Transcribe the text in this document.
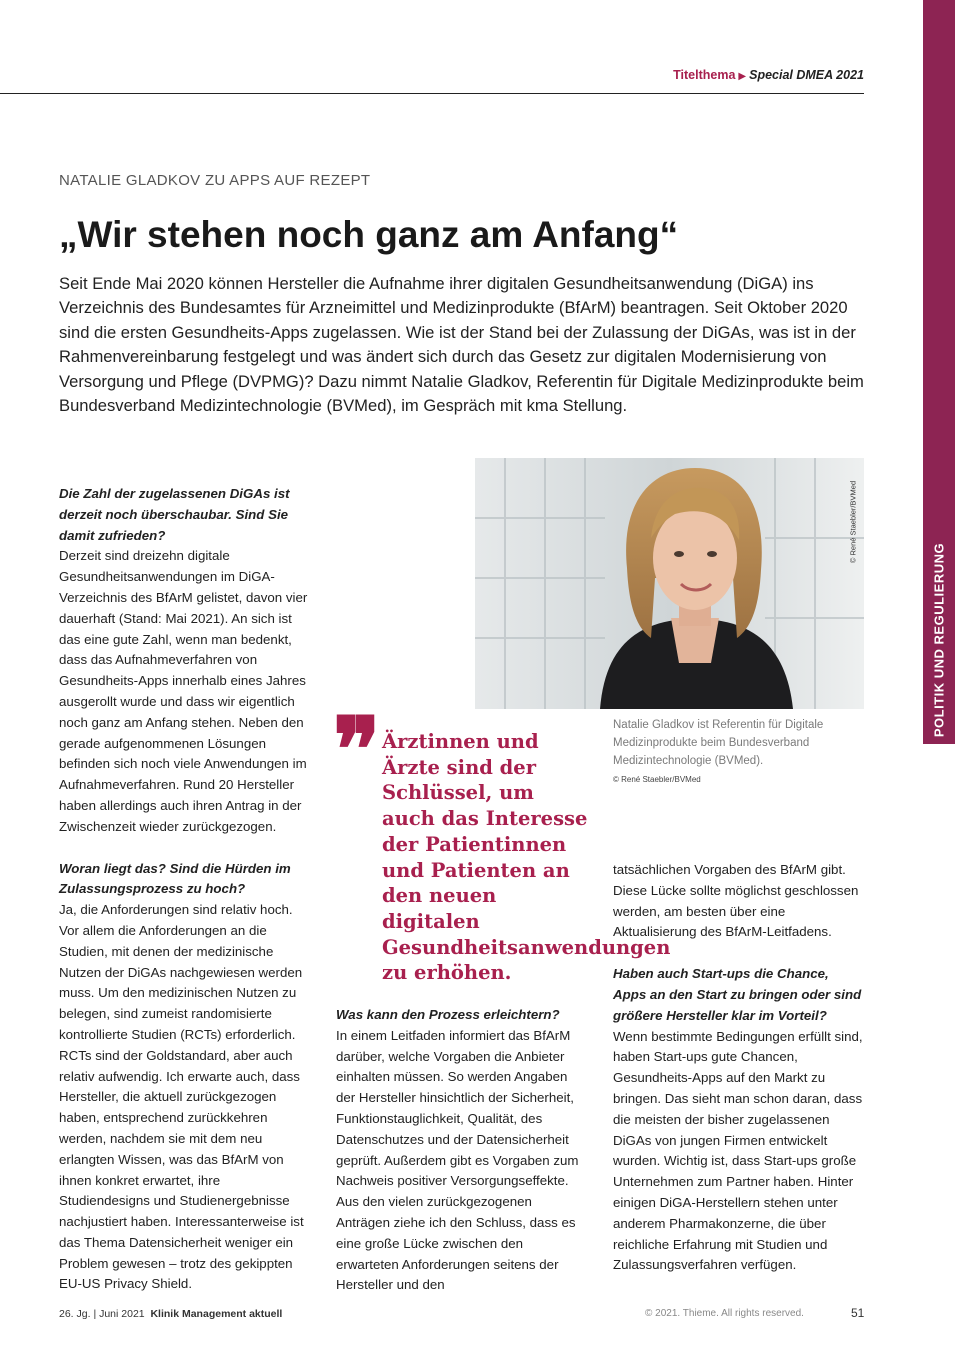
Titelthema ▶ Special DMEA 2021
POLITIK UND REGULIERUNG
NATALIE GLADKOV ZU APPS AUF REZEPT
„Wir stehen noch ganz am Anfang“

Seit Ende Mai 2020 können Hersteller die Aufnahme ihrer digitalen Gesundheitsanwendung (DiGA) ins Verzeichnis des Bundesamtes für Arzneimittel und Medizinprodukte (BfArM) beantragen. Seit Oktober 2020 sind die ersten Gesundheits-Apps zugelassen. Wie ist der Stand bei der Zulassung der DiGAs, was ist in der Rahmenvereinbarung festgelegt und was ändert sich durch das Gesetz zur digitalen Modernisierung von Versorgung und Pflege (DVPMG)? Dazu nimmt Natalie Gladkov, Referentin für Digitale Medizinprodukte beim Bundesverband Medizintechnologie (BVMed), im Gespräch mit kma Stellung.

© René Staebler/BVMed

Natalie Gladkov ist Referentin für Digitale Medizinprodukte beim Bundesverband Medizintechnologie (BVMed).

© René Staebler/BVMed

Die Zahl der zugelassenen DiGAs ist derzeit noch überschaubar. Sind Sie damit zufrieden?

Derzeit sind dreizehn digitale Gesundheitsanwendungen im DiGA-Verzeichnis des BfArM gelistet, davon vier dauerhaft (Stand: Mai 2021). An sich ist das eine gute Zahl, wenn man bedenkt, dass das Aufnahmeverfahren von Gesundheits-Apps innerhalb eines Jahres ausgerollt wurde und dass wir eigentlich noch ganz am Anfang stehen. Neben den gerade aufgenommenen Lösungen befinden sich noch viele Anwendungen im Aufnahmeverfahren. Rund 20 Hersteller haben allerdings auch ihren Antrag in der Zwischenzeit wieder zurückgezogen.

Woran liegt das? Sind die Hürden im Zulassungsprozess zu hoch?

Ja, die Anforderungen sind relativ hoch. Vor allem die Anforderungen an die Studien, mit denen der medizinische Nutzen der DiGAs nachgewiesen werden muss. Um den medizinischen Nutzen zu belegen, sind zumeist randomisierte kontrollierte Studien (RCTs) erforderlich. RCTs sind der Goldstandard, aber auch relativ aufwendig. Ich erwarte auch, dass Hersteller, die aktuell zurückgezogen haben, entsprechend zurückkehren werden, nachdem sie mit dem neu erlangten Wissen, was das BfArM von ihnen konkret erwartet, ihre Studiendesigns und Studienergebnisse nachjustiert haben. Interessanterweise ist das Thema Datensicherheit weniger ein Problem gewesen – trotz des gekippten EU-US Privacy Shield.

❞ Ärztinnen und Ärzte sind der Schlüssel, um auch das Interesse der Patientinnen und Patienten an den neuen digitalen Gesundheitsanwendungen zu erhöhen.

Was kann den Prozess erleichtern?

In einem Leitfaden informiert das BfArM darüber, welche Vorgaben die Anbieter einhalten müssen. So werden Angaben der Hersteller hinsichtlich der Sicherheit, Funktionstauglichkeit, Qualität, des Datenschutzes und der Datensicherheit geprüft. Außerdem gibt es Vorgaben zum Nachweis positiver Versorgungseffekte. Aus den vielen zurückgezogenen Anträgen ziehe ich den Schluss, dass es eine große Lücke zwischen den erwarteten Anforderungen seitens der Hersteller und den

tatsächlichen Vorgaben des BfArM gibt. Diese Lücke sollte möglichst geschlossen werden, am besten über eine Aktualisierung des BfArM-Leitfadens.

Haben auch Start-ups die Chance, Apps an den Start zu bringen oder sind größere Hersteller klar im Vorteil?

Wenn bestimmte Bedingungen erfüllt sind, haben Start-ups gute Chancen, Gesundheits-Apps auf den Markt zu bringen. Das sieht man schon daran, dass die meisten der bisher zugelassenen DiGAs von jungen Firmen entwickelt wurden. Wichtig ist, dass Start-ups große Unternehmen zum Partner haben. Hinter einigen DiGA-Herstellern stehen unter anderem Pharmakonzerne, die über reichliche Erfahrung mit Studien und Zulassungsverfahren verfügen.

26. Jg. | Juni 2021 Klinik Management aktuell	© 2021. Thieme. All rights reserved.	51
